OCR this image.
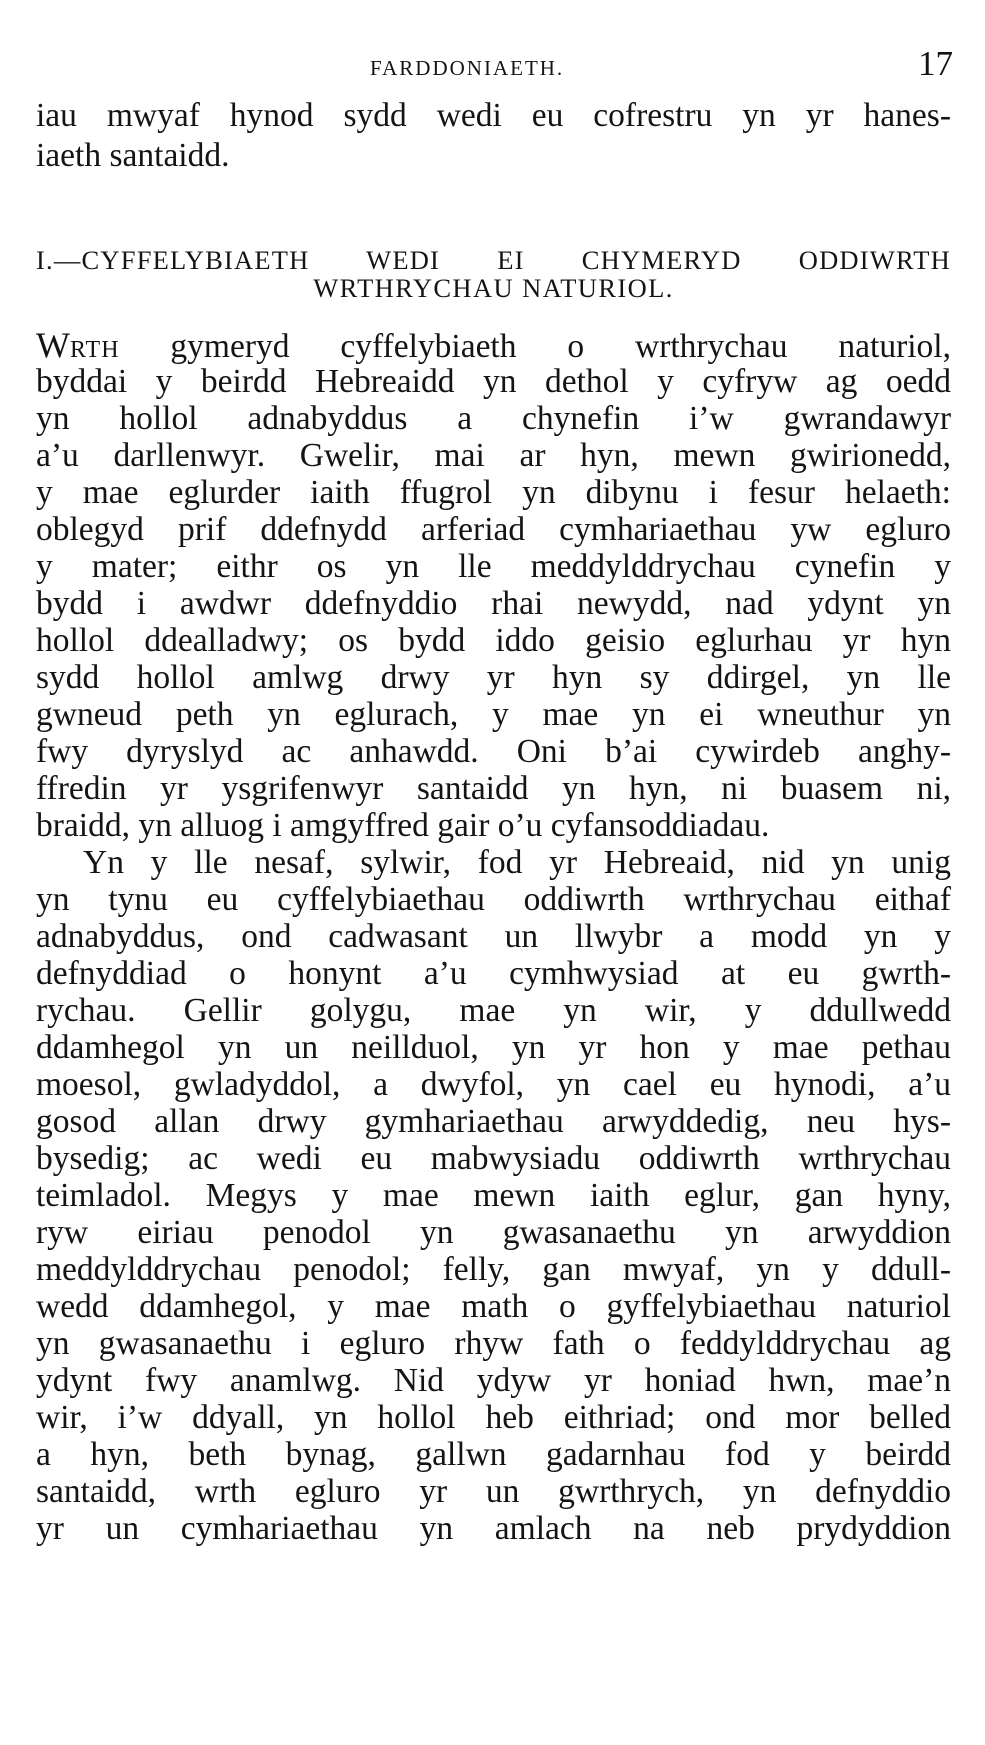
FARDDONIAETH.	17
iau mwyaf hynod sydd wedi eu cofrestru yn yr hanes-
iaeth santaidd.
I.—CYFFELYBIAETH WEDI EI CHYMERYD ODDIWRTH
WRTHRYCHAU NATURIOL.
WRTH gymeryd cyffelybiaeth o wrthrychau naturiol,
byddai y beirdd Hebreaidd yn dethol y cyfryw ag oedd
yn hollol adnabyddus a chynefin i’w gwrandawyr
a’u darllenwyr. Gwelir, mai ar hyn, mewn gwirionedd,
y mae eglurder iaith ffugrol yn dibynu i fesur helaeth:
oblegyd prif ddefnydd arferiad cymhariaethau yw egluro
y mater; eithr os yn lle meddylddrychau cynefin y
bydd i awdwr ddefnyddio rhai newydd, nad ydynt yn
hollol ddealladwy; os bydd iddo geisio eglurhau yr hyn
sydd hollol amlwg drwy yr hyn sy ddirgel, yn lle
gwneud peth yn eglurach, y mae yn ei wneuthur yn
fwy dyryslyd ac anhawdd. Oni b’ai cywirdeb anghy-
ffredin yr ysgrifenwyr santaidd yn hyn, ni buasem ni,
braidd, yn alluog i amgyffred gair o’u cyfansoddiadau.
Yn y lle nesaf, sylwir, fod yr Hebreaid, nid yn unig
yn tynu eu cyffelybiaethau oddiwrth wrthrychau eithaf
adnabyddus, ond cadwasant un llwybr a modd yn y
defnyddiad o honynt a’u cymhwysiad at eu gwrth-
rychau. Gellir golygu, mae yn wir, y ddullwedd
ddamhegol yn un neillduol, yn yr hon y mae pethau
moesol, gwladyddol, a dwyfol, yn cael eu hynodi, a’u
gosod allan drwy gymhariaethau arwyddedig, neu hys-
bysedig; ac wedi eu mabwysiadu oddiwrth wrthrychau
teimladol. Megys y mae mewn iaith eglur, gan hyny,
ryw eiriau penodol yn gwasanaethu yn arwyddion
meddylddrychau penodol; felly, gan mwyaf, yn y ddull-
wedd ddamhegol, y mae math o gyffelybiaethau naturiol
yn gwasanaethu i egluro rhyw fath o feddylddrychau ag
ydynt fwy anamlwg. Nid ydyw yr honiad hwn, mae’n
wir, i’w ddyall, yn hollol heb eithriad; ond mor belled
a hyn, beth bynag, gallwn gadarnhau fod y beirdd
santaidd, wrth egluro yr un gwrthrych, yn defnyddio
yr un cymhariaethau yn amlach na neb prydyddion
